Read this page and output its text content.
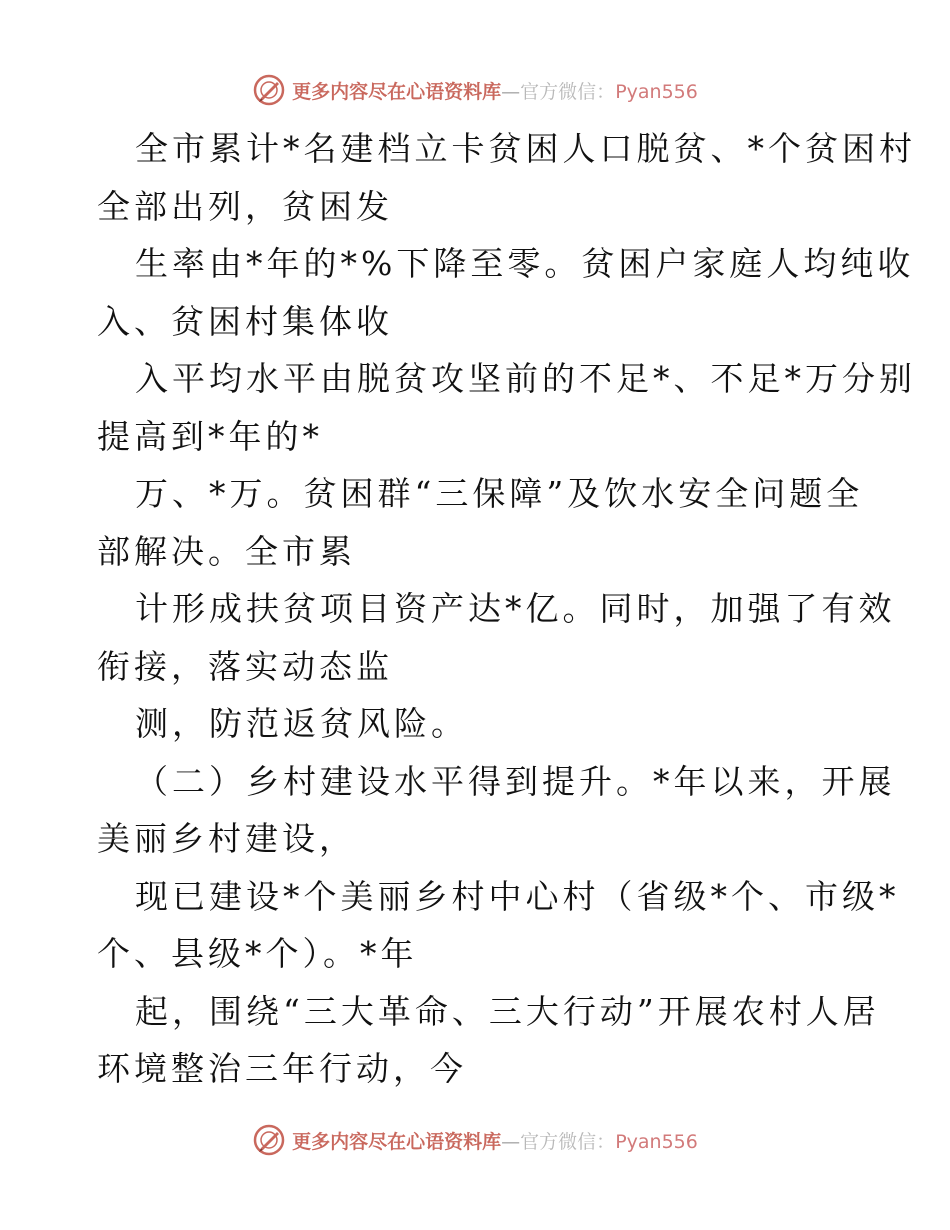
更多内容尽在心语资料库—官方微信：Pyan556
全市累计*名建档立卡贫困人口脱贫、*个贫困村
全部出列，贫困发
生率由*年的*%下降至零。贫困户家庭人均纯收
入、贫困村集体收
入平均水平由脱贫攻坚前的不足*、不足*万分别
提高到*年的*
万、*万。贫困群“三保障”及饮水安全问题全
部解决。全市累
计形成扶贫项目资产达*亿。同时，加强了有效
衔接，落实动态监
测，防范返贫风险。
（二）乡村建设水平得到提升。*年以来，开展
美丽乡村建设，
现已建设*个美丽乡村中心村（省级*个、市级*
个、县级*个）。*年
起，围绕“三大革命、三大行动”开展农村人居
环境整治三年行动，今
更多内容尽在心语资料库—官方微信：Pyan556
